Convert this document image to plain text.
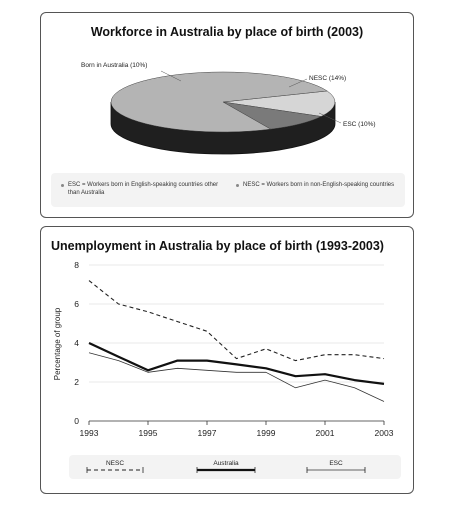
Workforce in Australia by place of birth (2003)
Born in Australia (10%)
NESC (14%)
ESC (10%)
ESC = Workers born in English-speaking countries other than Australia
NESC = Workers born in non-English-speaking countries
Unemployment in Australia by place of birth (1993-2003)
0
2
4
6
8
1993	1995	1997	1999	2001	2003
Percentage of group
NESC	Australia	ESC
